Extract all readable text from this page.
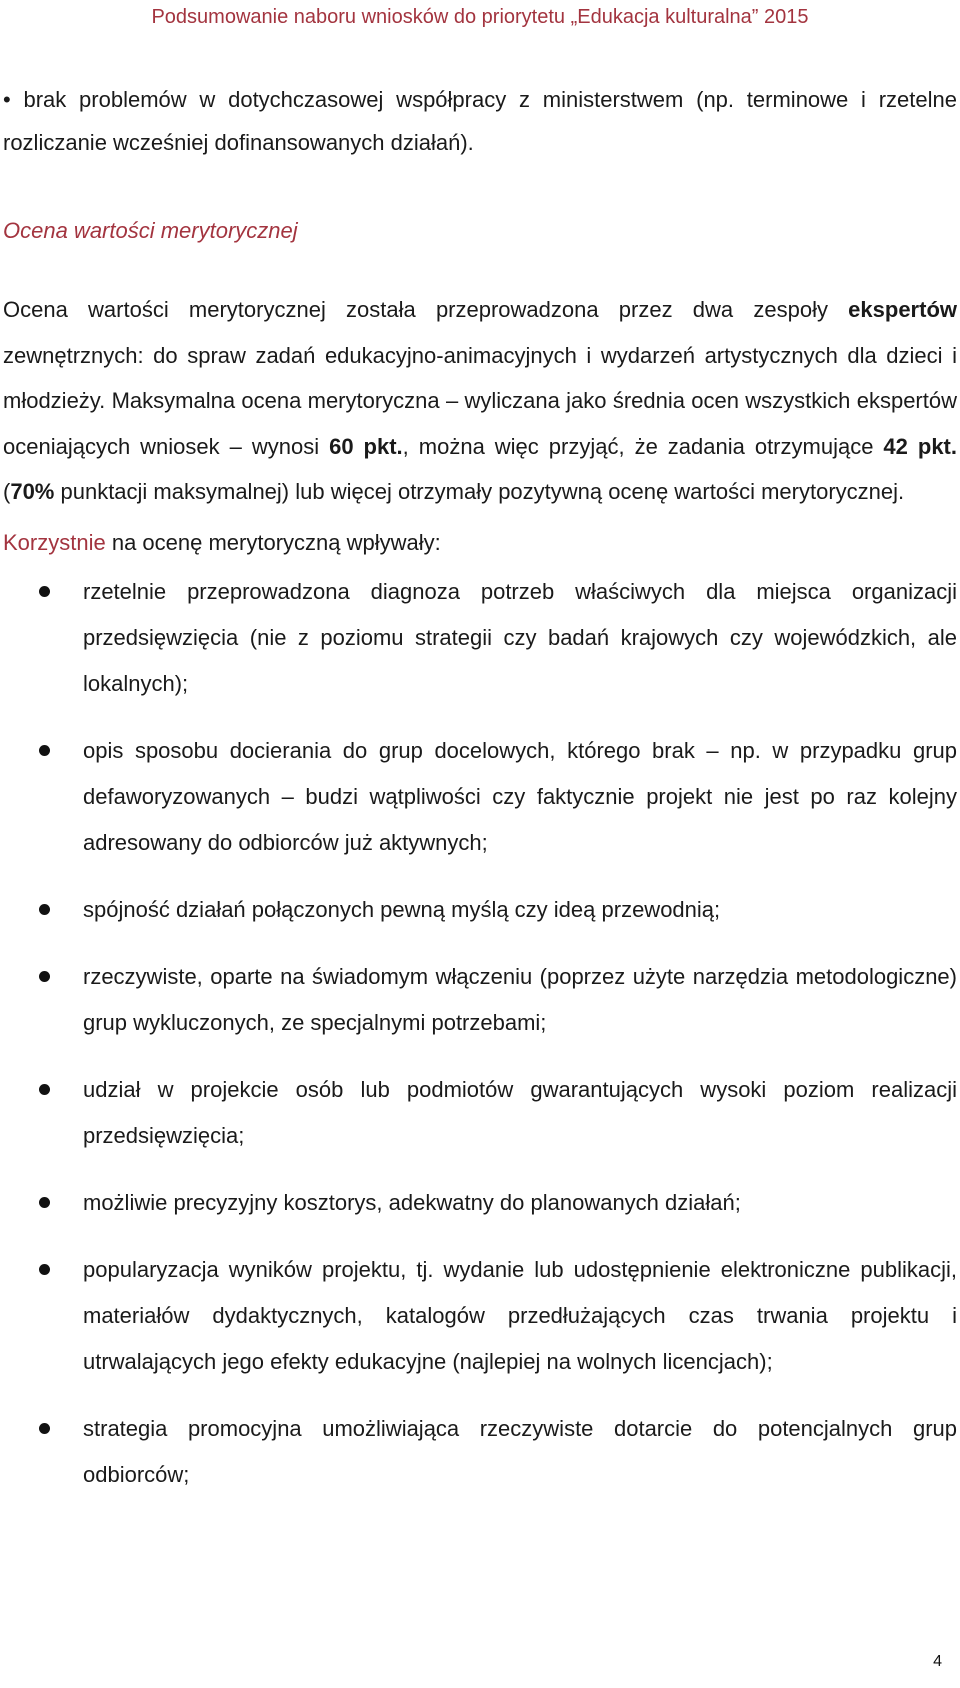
Podsumowanie naboru wniosków do priorytetu „Edukacja kulturalna” 2015

• brak problemów w dotychczasowej współpracy z ministerstwem (np. terminowe i rzetelne rozliczanie wcześniej dofinansowanych działań).

Ocena wartości merytorycznej

Ocena wartości merytorycznej została przeprowadzona przez dwa zespoły ekspertów zewnętrznych: do spraw zadań edukacyjno-animacyjnych i wydarzeń artystycznych dla dzieci i młodzieży. Maksymalna ocena merytoryczna – wyliczana jako średnia ocen wszystkich ekspertów oceniających wniosek – wynosi 60 pkt., można więc przyjąć, że zadania otrzymujące 42 pkt. (70% punktacji maksymalnej) lub więcej otrzymały pozytywną ocenę wartości merytorycznej.

Korzystnie na ocenę merytoryczną wpływały:

rzetelnie przeprowadzona diagnoza potrzeb właściwych dla miejsca organizacji przedsięwzięcia (nie z poziomu strategii czy badań krajowych czy wojewódzkich, ale lokalnych);
opis sposobu docierania do grup docelowych, którego brak – np. w przypadku grup defaworyzowanych – budzi wątpliwości czy faktycznie projekt nie jest po raz kolejny adresowany do odbiorców już aktywnych;
spójność działań połączonych pewną myślą czy ideą przewodnią;
rzeczywiste, oparte na świadomym włączeniu (poprzez użyte narzędzia metodologiczne) grup wykluczonych, ze specjalnymi potrzebami;
udział w projekcie osób lub podmiotów gwarantujących wysoki poziom realizacji przedsięwzięcia;
możliwie precyzyjny kosztorys, adekwatny do planowanych działań;
popularyzacja wyników projektu, tj. wydanie lub udostępnienie elektroniczne publikacji, materiałów dydaktycznych, katalogów przedłużających czas trwania projektu i utrwalających jego efekty edukacyjne (najlepiej na wolnych licencjach);
strategia promocyjna umożliwiająca rzeczywiste dotarcie do potencjalnych grup odbiorców;
4
